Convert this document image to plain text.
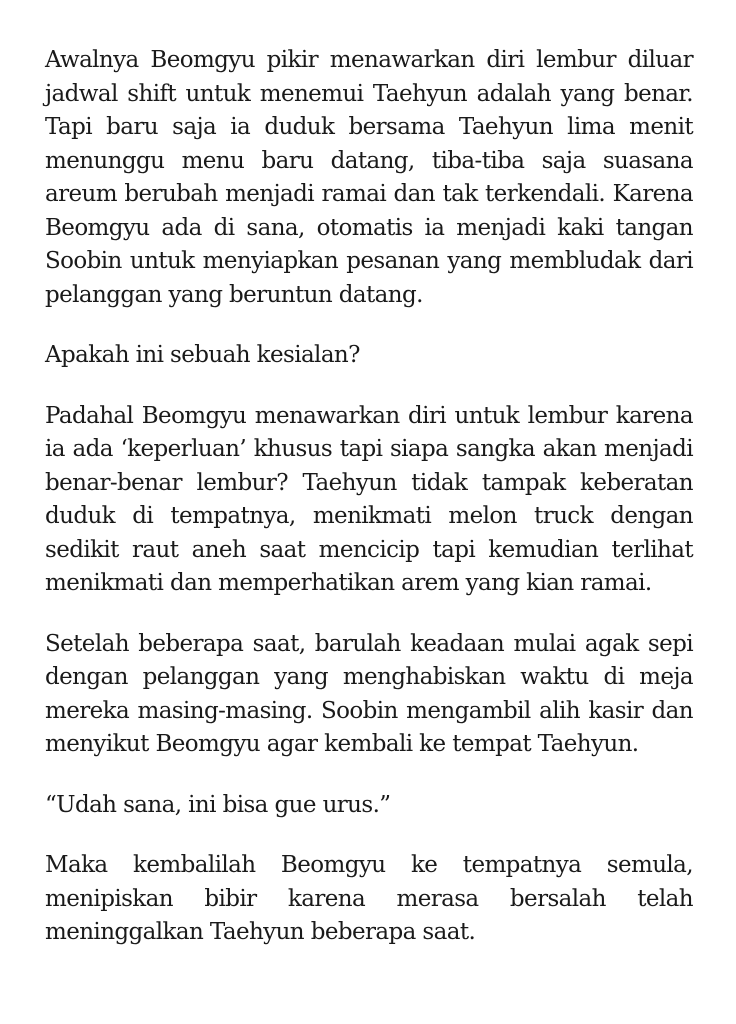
Awalnya Beomgyu pikir menawarkan diri lembur diluar jadwal shift untuk menemui Taehyun adalah yang benar. Tapi baru saja ia duduk bersama Taehyun lima menit menunggu menu baru datang, tiba-tiba saja suasana areum berubah menjadi ramai dan tak terkendali. Karena Beomgyu ada di sana, otomatis ia menjadi kaki tangan Soobin untuk menyiapkan pesanan yang membludak dari pelanggan yang beruntun datang.

Apakah ini sebuah kesialan?

Padahal Beomgyu menawarkan diri untuk lembur karena ia ada ‘keperluan’ khusus tapi siapa sangka akan menjadi benar-benar lembur? Taehyun tidak tampak keberatan duduk di tempatnya, menikmati melon truck dengan sedikit raut aneh saat mencicip tapi kemudian terlihat menikmati dan memperhatikan arem yang kian ramai.

Setelah beberapa saat, barulah keadaan mulai agak sepi dengan pelanggan yang menghabiskan waktu di meja mereka masing-masing. Soobin mengambil alih kasir dan menyikut Beomgyu agar kembali ke tempat Taehyun.

“Udah sana, ini bisa gue urus.”

Maka kembalilah Beomgyu ke tempatnya semula, menipiskan bibir karena merasa bersalah telah meninggalkan Taehyun beberapa saat.
